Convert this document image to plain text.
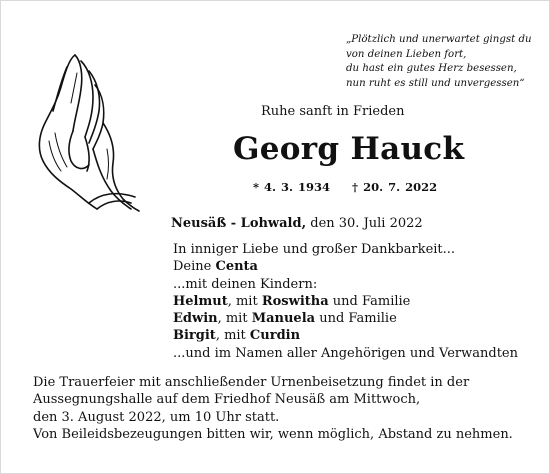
„Plötzlich und unerwartet gingst du
von deinen Lieben fort,
du hast ein gutes Herz besessen,
nun ruht es still und unvergessen“
Ruhe sanft in Frieden
Georg Hauck
* 4. 3. 1934 † 20. 7. 2022
Neusäß - Lohwald, den 30. Juli 2022
In inniger Liebe und großer Dankbarkeit...
Deine Centa
...mit deinen Kindern:
Helmut, mit Roswitha und Familie
Edwin, mit Manuela und Familie
Birgit, mit Curdin
...und im Namen aller Angehörigen und Verwandten
Die Trauerfeier mit anschließender Urnenbeisetzung findet in der
Aussegnungshalle auf dem Friedhof Neusäß am Mittwoch,
den 3. August 2022, um 10 Uhr statt.
Von Beileidsbezeugungen bitten wir, wenn möglich, Abstand zu nehmen.
